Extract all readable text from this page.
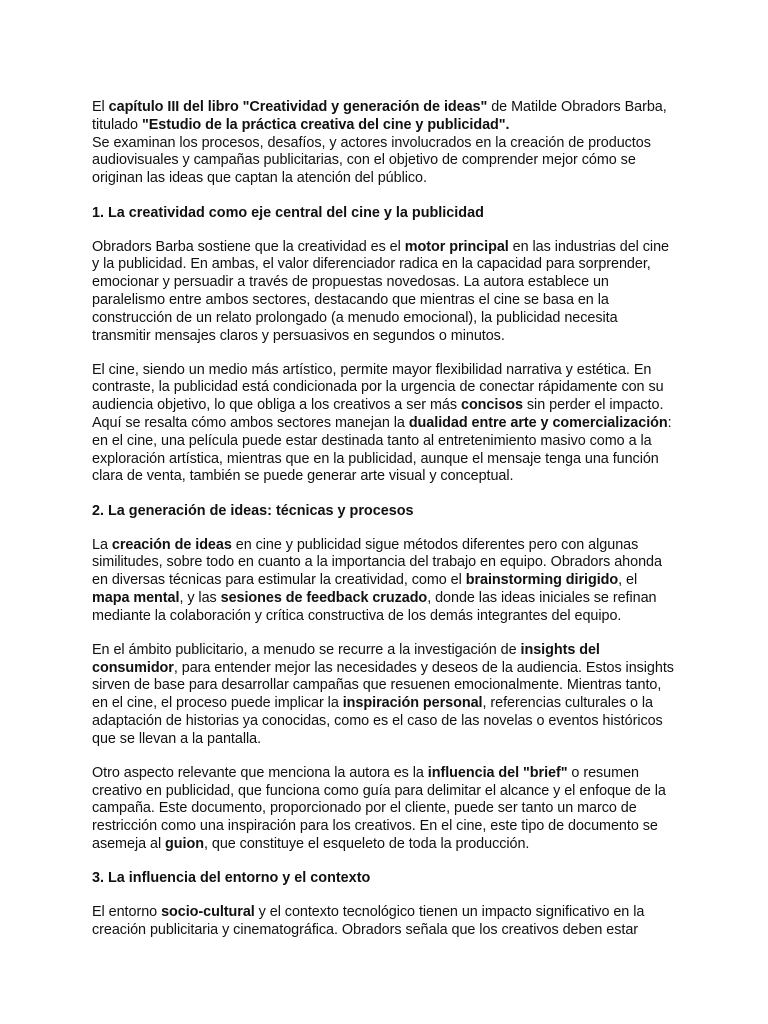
El capítulo III del libro "Creatividad y generación de ideas" de Matilde Obradors Barba, titulado "Estudio de la práctica creativa del cine y publicidad".
Se examinan los procesos, desafíos, y actores involucrados en la creación de productos audiovisuales y campañas publicitarias, con el objetivo de comprender mejor cómo se originan las ideas que captan la atención del público.

1. La creatividad como eje central del cine y la publicidad

Obradors Barba sostiene que la creatividad es el motor principal en las industrias del cine y la publicidad. En ambas, el valor diferenciador radica en la capacidad para sorprender, emocionar y persuadir a través de propuestas novedosas. La autora establece un paralelismo entre ambos sectores, destacando que mientras el cine se basa en la construcción de un relato prolongado (a menudo emocional), la publicidad necesita transmitir mensajes claros y persuasivos en segundos o minutos.

El cine, siendo un medio más artístico, permite mayor flexibilidad narrativa y estética. En contraste, la publicidad está condicionada por la urgencia de conectar rápidamente con su audiencia objetivo, lo que obliga a los creativos a ser más concisos sin perder el impacto. Aquí se resalta cómo ambos sectores manejan la dualidad entre arte y comercialización: en el cine, una película puede estar destinada tanto al entretenimiento masivo como a la exploración artística, mientras que en la publicidad, aunque el mensaje tenga una función clara de venta, también se puede generar arte visual y conceptual.

2. La generación de ideas: técnicas y procesos

La creación de ideas en cine y publicidad sigue métodos diferentes pero con algunas similitudes, sobre todo en cuanto a la importancia del trabajo en equipo. Obradors ahonda en diversas técnicas para estimular la creatividad, como el brainstorming dirigido, el mapa mental, y las sesiones de feedback cruzado, donde las ideas iniciales se refinan mediante la colaboración y crítica constructiva de los demás integrantes del equipo.

En el ámbito publicitario, a menudo se recurre a la investigación de insights del consumidor, para entender mejor las necesidades y deseos de la audiencia. Estos insights sirven de base para desarrollar campañas que resuenen emocionalmente. Mientras tanto, en el cine, el proceso puede implicar la inspiración personal, referencias culturales o la adaptación de historias ya conocidas, como es el caso de las novelas o eventos históricos que se llevan a la pantalla.

Otro aspecto relevante que menciona la autora es la influencia del "brief" o resumen creativo en publicidad, que funciona como guía para delimitar el alcance y el enfoque de la campaña. Este documento, proporcionado por el cliente, puede ser tanto un marco de restricción como una inspiración para los creativos. En el cine, este tipo de documento se asemeja al guion, que constituye el esqueleto de toda la producción.

3. La influencia del entorno y el contexto

El entorno socio-cultural y el contexto tecnológico tienen un impacto significativo en la creación publicitaria y cinematográfica. Obradors señala que los creativos deben estar
